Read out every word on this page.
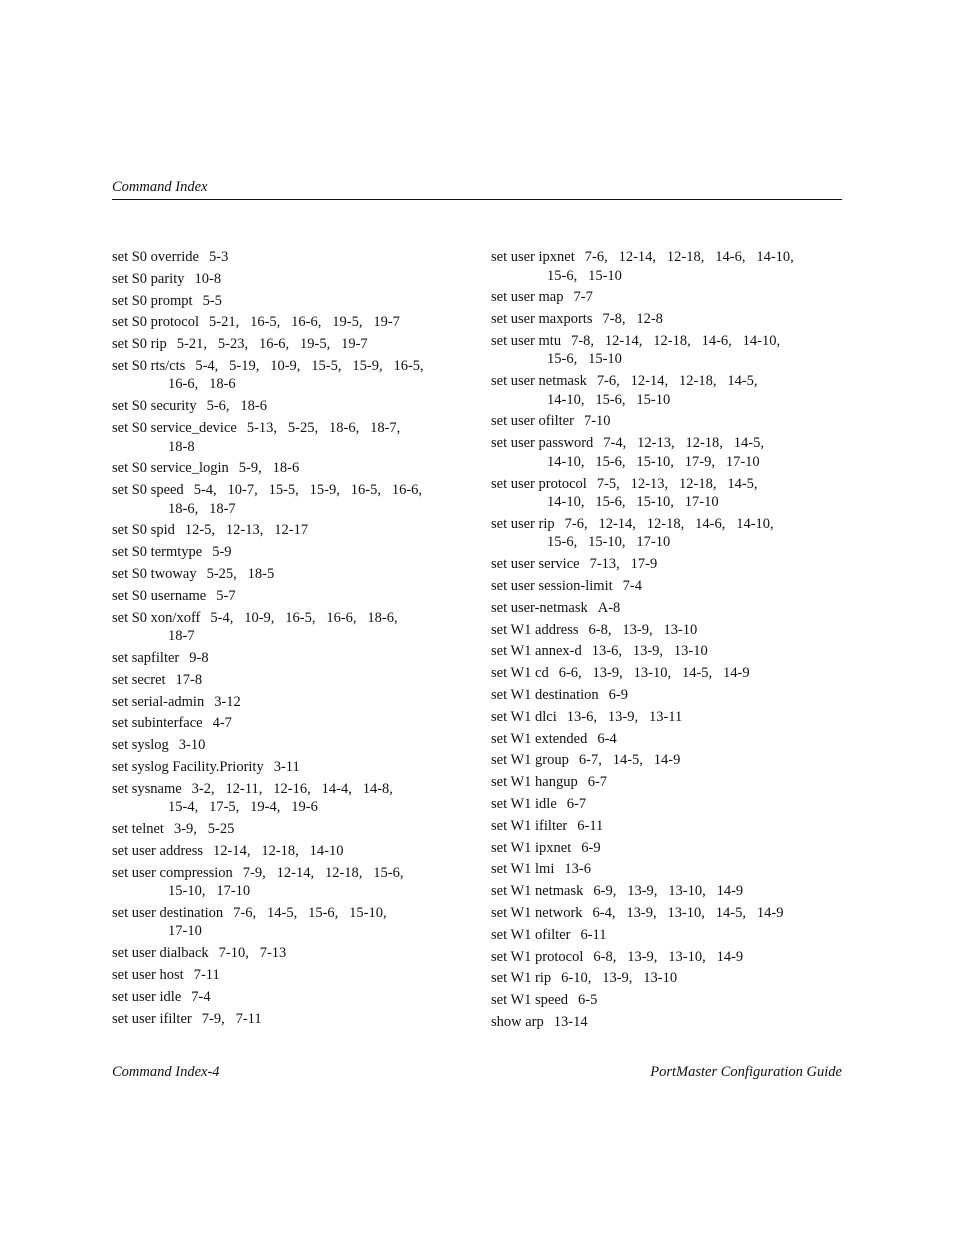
Command Index
set S0 override 5-3
set S0 parity 10-8
set S0 prompt 5-5
set S0 protocol 5-21,   16-5,   16-6,   19-5,   19-7
set S0 rip 5-21,   5-23,   16-6,   19-5,   19-7
set S0 rts/cts 5-4,   5-19,   10-9,   15-5,   15-9,   16-5,
16-6,   18-6
set S0 security 5-6,   18-6
set S0 service_device 5-13,   5-25,   18-6,   18-7,
18-8
set S0 service_login 5-9,   18-6
set S0 speed 5-4,   10-7,   15-5,   15-9,   16-5,   16-6,
18-6,   18-7
set S0 spid 12-5,   12-13,   12-17
set S0 termtype 5-9
set S0 twoway 5-25,   18-5
set S0 username 5-7
set S0 xon/xoff 5-4,   10-9,   16-5,   16-6,   18-6,
18-7
set sapfilter 9-8
set secret 17-8
set serial-admin 3-12
set subinterface 4-7
set syslog 3-10
set syslog Facility.Priority 3-11
set sysname 3-2,   12-11,   12-16,   14-4,   14-8,
15-4,   17-5,   19-4,   19-6
set telnet 3-9,   5-25
set user address 12-14,   12-18,   14-10
set user compression 7-9,   12-14,   12-18,   15-6,
15-10,   17-10
set user destination 7-6,   14-5,   15-6,   15-10,
17-10
set user dialback 7-10,   7-13
set user host 7-11
set user idle 7-4
set user ifilter 7-9,   7-11
set user ipxnet 7-6,   12-14,   12-18,   14-6,   14-10,
15-6,   15-10
set user map 7-7
set user maxports 7-8,   12-8
set user mtu 7-8,   12-14,   12-18,   14-6,   14-10,
15-6,   15-10
set user netmask 7-6,   12-14,   12-18,   14-5,
14-10,   15-6,   15-10
set user ofilter 7-10
set user password 7-4,   12-13,   12-18,   14-5,
14-10,   15-6,   15-10,   17-9,   17-10
set user protocol 7-5,   12-13,   12-18,   14-5,
14-10,   15-6,   15-10,   17-10
set user rip 7-6,   12-14,   12-18,   14-6,   14-10,
15-6,   15-10,   17-10
set user service 7-13,   17-9
set user session-limit 7-4
set user-netmask A-8
set W1 address 6-8,   13-9,   13-10
set W1 annex-d 13-6,   13-9,   13-10
set W1 cd 6-6,   13-9,   13-10,   14-5,   14-9
set W1 destination 6-9
set W1 dlci 13-6,   13-9,   13-11
set W1 extended 6-4
set W1 group 6-7,   14-5,   14-9
set W1 hangup 6-7
set W1 idle 6-7
set W1 ifilter 6-11
set W1 ipxnet 6-9
set W1 lmi 13-6
set W1 netmask 6-9,   13-9,   13-10,   14-9
set W1 network 6-4,   13-9,   13-10,   14-5,   14-9
set W1 ofilter 6-11
set W1 protocol 6-8,   13-9,   13-10,   14-9
set W1 rip 6-10,   13-9,   13-10
set W1 speed 6-5
show arp 13-14
Command Index-4	PortMaster Configuration Guide
